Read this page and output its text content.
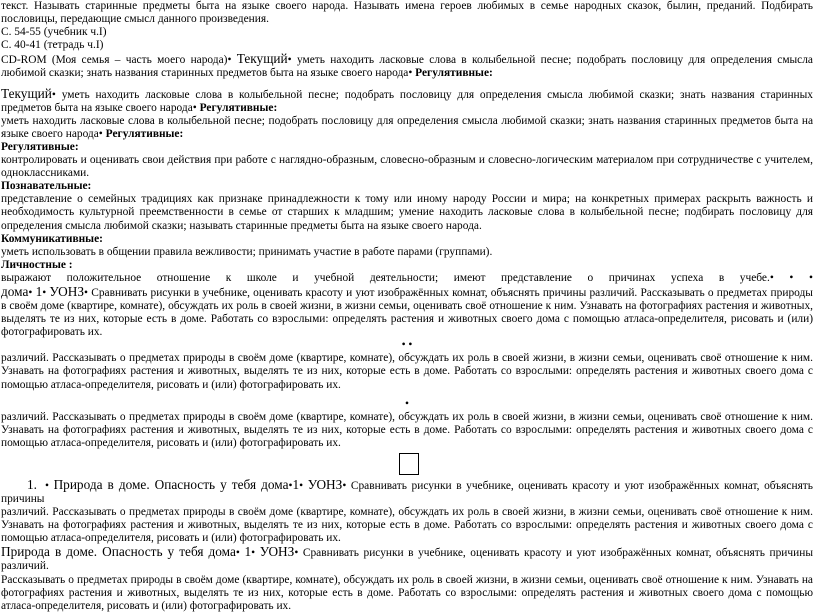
текст. Называть старинные предметы быта на языке своего народа. Называть имена героев любимых в семье народных сказок, былин, преданий. Подбирать пословицы, передающие смысл данного произведения.

С. 54-55 (учебник ч.I)

С. 40-41 (тетрадь ч.I)

CD-ROM (Моя семья – часть моего народа)• Текущий• уметь находить ласковые слова в колыбельной песне; подобрать пословицу для определения смысла любимой сказки; знать названия старинных предметов быта на языке своего народа• Регулятивные:

Текущий• уметь находить ласковые слова в колыбельной песне; подобрать пословицу для определения смысла любимой сказки; знать названия старинных предметов быта на языке своего народа• Регулятивные:

уметь находить ласковые слова в колыбельной песне; подобрать пословицу для определения смысла любимой сказки; знать названия старинных предметов быта на языке своего народа• Регулятивные:

Регулятивные:

контролировать и оценивать свои действия при работе с наглядно-образным, словесно-образным и словесно-логическим материалом при сотрудничестве с учителем, одноклассниками.

Познавательные:

представление о семейных традициях как признаке принадлежности к тому или иному народу России и мира; на конкретных примерах раскрыть важность и необходимость культурной преемственности в семье от старших к младшим; умение находить ласковые слова в колыбельной песне; подбирать пословицу для определения смысла любимой сказки; называть старинные предметы быта на языке своего народа.

Коммуникативные:

уметь использовать в общении правила вежливости; принимать участие в работе парами (группами).

Личностные :

выражают положительное отношение к школе и учебной деятельности; имеют представление о причинах успеха в учебе.• • •

дома• 1• УОНЗ• Сравнивать рисунки в учебнике, оценивать красоту и уют изображённых комнат, объяснять причины различий. Рассказывать о предметах природы в своём доме (квартире, комнате), обсуждать их роль в своей жизни, в жизни семьи, оценивать своё отношение к ним. Узнавать на фотографиях растения и животных, выделять те из них, которые есть в доме. Работать со взрослыми: определять растения и животных своего дома с помощью атласа-определителя, рисовать и (или) фотографировать их.

• •

различий. Рассказывать о предметах природы в своём доме (квартире, комнате), обсуждать их роль в своей жизни, в жизни семьи, оценивать своё отношение к ним. Узнавать на фотографиях растения и животных, выделять те из них, которые есть в доме. Работать со взрослыми: определять растения и животных своего дома с помощью атласа-определителя, рисовать и (или) фотографировать их.

•

различий. Рассказывать о предметах природы в своём доме (квартире, комнате), обсуждать их роль в своей жизни, в жизни семьи, оценивать своё отношение к ним. Узнавать на фотографиях растения и животных, выделять те из них, которые есть в доме. Работать со взрослыми: определять растения и животных своего дома с помощью атласа-определителя, рисовать и (или) фотографировать их.

1. • Природа в доме. Опасность у тебя дома•1• УОНЗ• Сравнивать рисунки в учебнике, оценивать красоту и уют изображённых комнат, объяснять причины

различий. Рассказывать о предметах природы в своём доме (квартире, комнате), обсуждать их роль в своей жизни, в жизни семьи, оценивать своё отношение к ним. Узнавать на фотографиях растения и животных, выделять те из них, которые есть в доме. Работать со взрослыми: определять растения и животных своего дома с помощью атласа-определителя, рисовать и (или) фотографировать их.

Природа в доме. Опасность у тебя дома• 1• УОНЗ• Сравнивать рисунки в учебнике, оценивать красоту и уют изображённых комнат, объяснять причины различий.

Рассказывать о предметах природы в своём доме (квартире, комнате), обсуждать их роль в своей жизни, в жизни семьи, оценивать своё отношение к ним. Узнавать на фотографиях растения и животных, выделять те из них, которые есть в доме. Работать со взрослыми: определять растения и животных своего дома с помощью атласа-определителя, рисовать и (или) фотографировать их.
